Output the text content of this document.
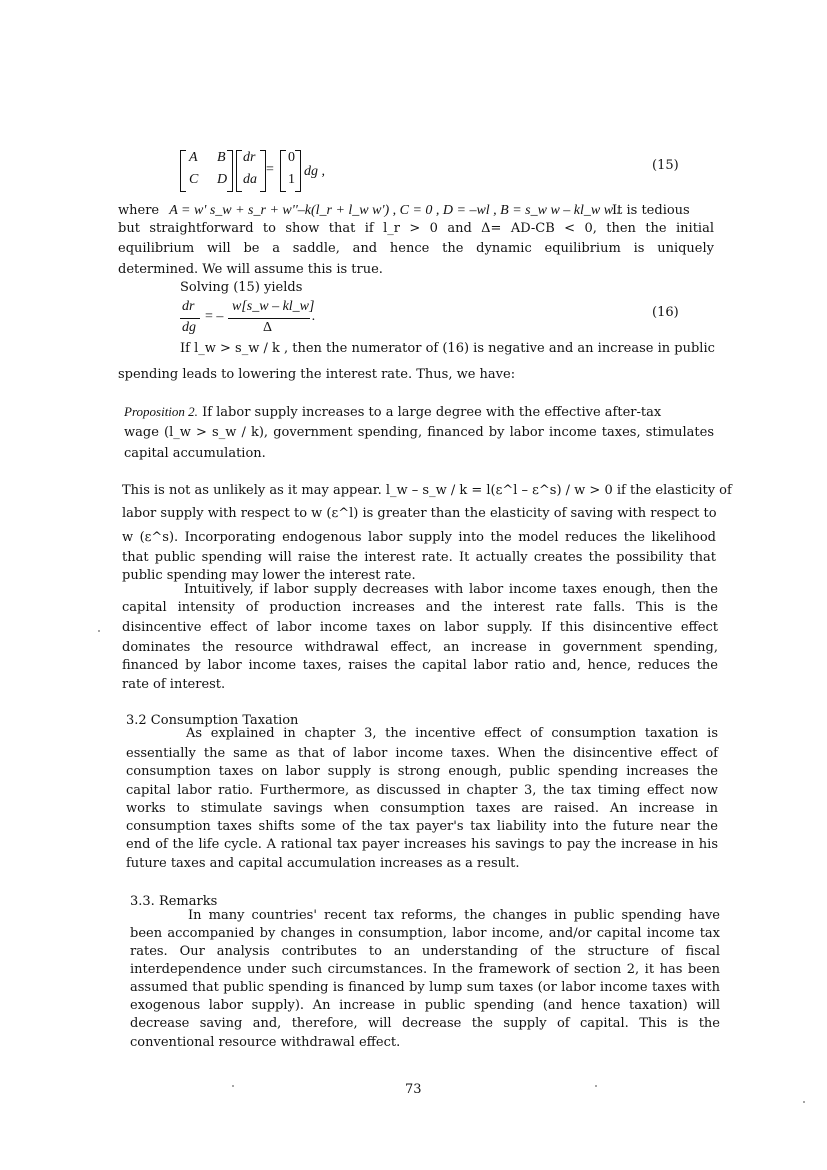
A B
C D
dr
da
=
0
1
dg ,	(15)
where A = w' s_w + s_r + w''–k(l_r + l_w w') , C = 0 , D = –wl , B = s_w w – kl_w w .
It is tedious
but straightforward to show that if l_r > 0 and Δ= AD-CB < 0, then the initial
equilibrium will be a saddle, and hence the dynamic equilibrium is uniquely
determined. We will assume this is true.
Solving (15) yields
dr
dg
= –
w[s_w – kl_w]
Δ
.	(16)
If l_w > s_w / k , then the numerator of (16) is negative and an increase in public
spending leads to lowering the interest rate. Thus, we have:
Proposition 2. If labor supply increases to a large degree with the effective after-tax
wage (l_w > s_w / k), government spending, financed by labor income taxes, stimulates
capital accumulation.
This is not as unlikely as it may appear. l_w – s_w / k = l(ε^l – ε^s) / w > 0 if the elasticity of
labor supply with respect to w (ε^l) is greater than the elasticity of saving with respect to
w (ε^s). Incorporating endogenous labor supply into the model reduces the likelihood
that public spending will raise the interest rate. It actually creates the possibility that
public spending may lower the interest rate.
Intuitively, if labor supply decreases with labor income taxes enough, then the
capital intensity of production increases and the interest rate falls. This is the
disincentive effect of labor income taxes on labor supply. If this disincentive effect
dominates the resource withdrawal effect, an increase in government spending,
financed by labor income taxes, raises the capital labor ratio and, hence, reduces the
rate of interest.
3.2 Consumption Taxation
As explained in chapter 3, the incentive effect of consumption taxation is
essentially the same as that of labor income taxes. When the disincentive effect of
consumption taxes on labor supply is strong enough, public spending increases the
capital labor ratio. Furthermore, as discussed in chapter 3, the tax timing effect now
works to stimulate savings when consumption taxes are raised. An increase in
consumption taxes shifts some of the tax payer's tax liability into the future near the
end of the life cycle. A rational tax payer increases his savings to pay the increase in his
future taxes and capital accumulation increases as a result.
3.3. Remarks
In many countries' recent tax reforms, the changes in public spending have
been accompanied by changes in consumption, labor income, and/or capital income tax
rates. Our analysis contributes to an understanding of the structure of fiscal
interdependence under such circumstances. In the framework of section 2, it has been
assumed that public spending is financed by lump sum taxes (or labor income taxes with
exogenous labor supply). An increase in public spending (and hence taxation) will
decrease saving and, therefore, will decrease the supply of capital. This is the
conventional resource withdrawal effect.
73
